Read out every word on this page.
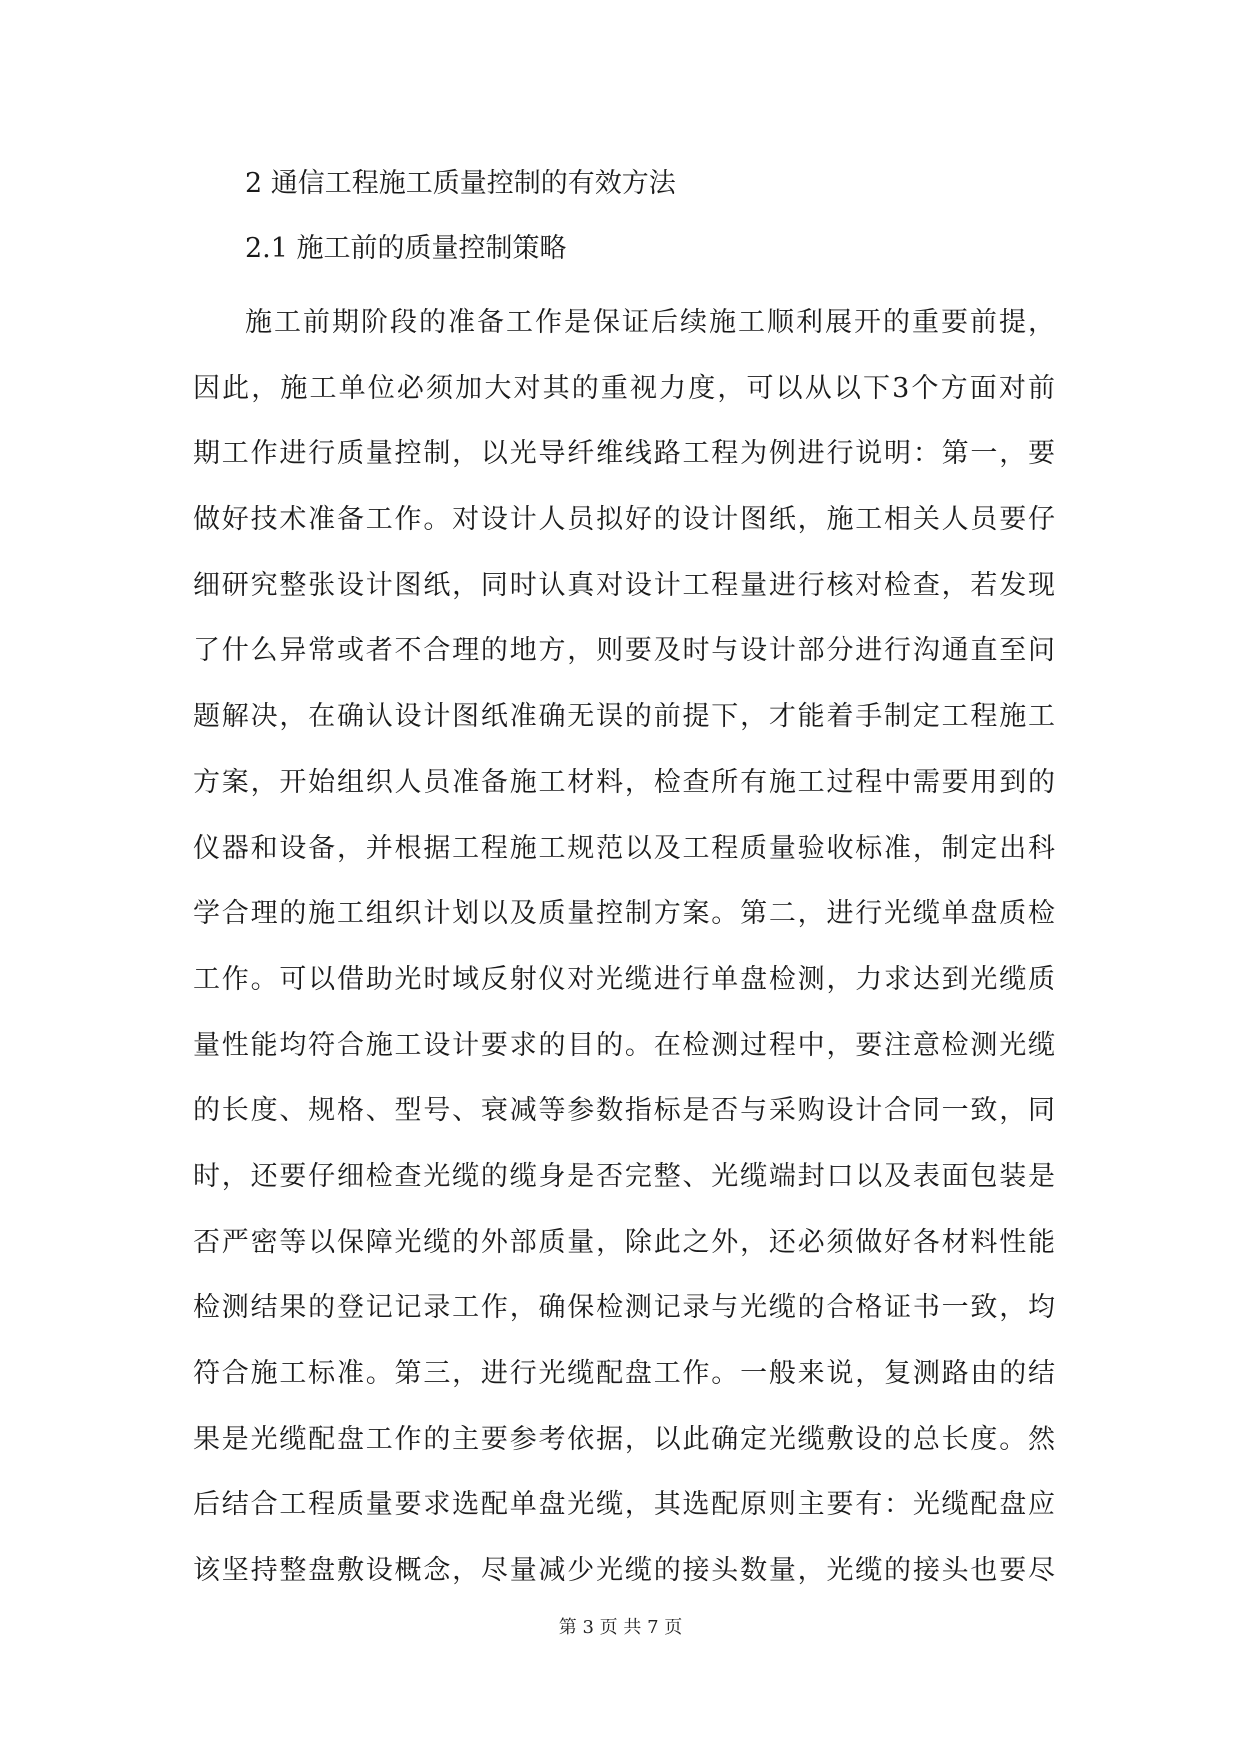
2 通信工程施工质量控制的有效方法
2.1 施工前的质量控制策略
施工前期阶段的准备工作是保证后续施工顺利展开的重要前提，
因此，施工单位必须加大对其的重视力度，可以从以下3个方面对前
期工作进行质量控制，以光导纤维线路工程为例进行说明：第一，要
做好技术准备工作。对设计人员拟好的设计图纸，施工相关人员要仔
细研究整张设计图纸，同时认真对设计工程量进行核对检查，若发现
了什么异常或者不合理的地方，则要及时与设计部分进行沟通直至问
题解决，在确认设计图纸准确无误的前提下，才能着手制定工程施工
方案，开始组织人员准备施工材料，检查所有施工过程中需要用到的
仪器和设备，并根据工程施工规范以及工程质量验收标准，制定出科
学合理的施工组织计划以及质量控制方案。第二，进行光缆单盘质检
工作。可以借助光时域反射仪对光缆进行单盘检测，力求达到光缆质
量性能均符合施工设计要求的目的。在检测过程中，要注意检测光缆
的长度、规格、型号、衰减等参数指标是否与采购设计合同一致，同
时，还要仔细检查光缆的缆身是否完整、光缆端封口以及表面包装是
否严密等以保障光缆的外部质量，除此之外，还必须做好各材料性能
检测结果的登记记录工作，确保检测记录与光缆的合格证书一致，均
符合施工标准。第三，进行光缆配盘工作。一般来说，复测路由的结
果是光缆配盘工作的主要参考依据，以此确定光缆敷设的总长度。然
后结合工程质量要求选配单盘光缆，其选配原则主要有：光缆配盘应
该坚持整盘敷设概念，尽量减少光缆的接头数量，光缆的接头也要尽
第 3 页 共 7 页
